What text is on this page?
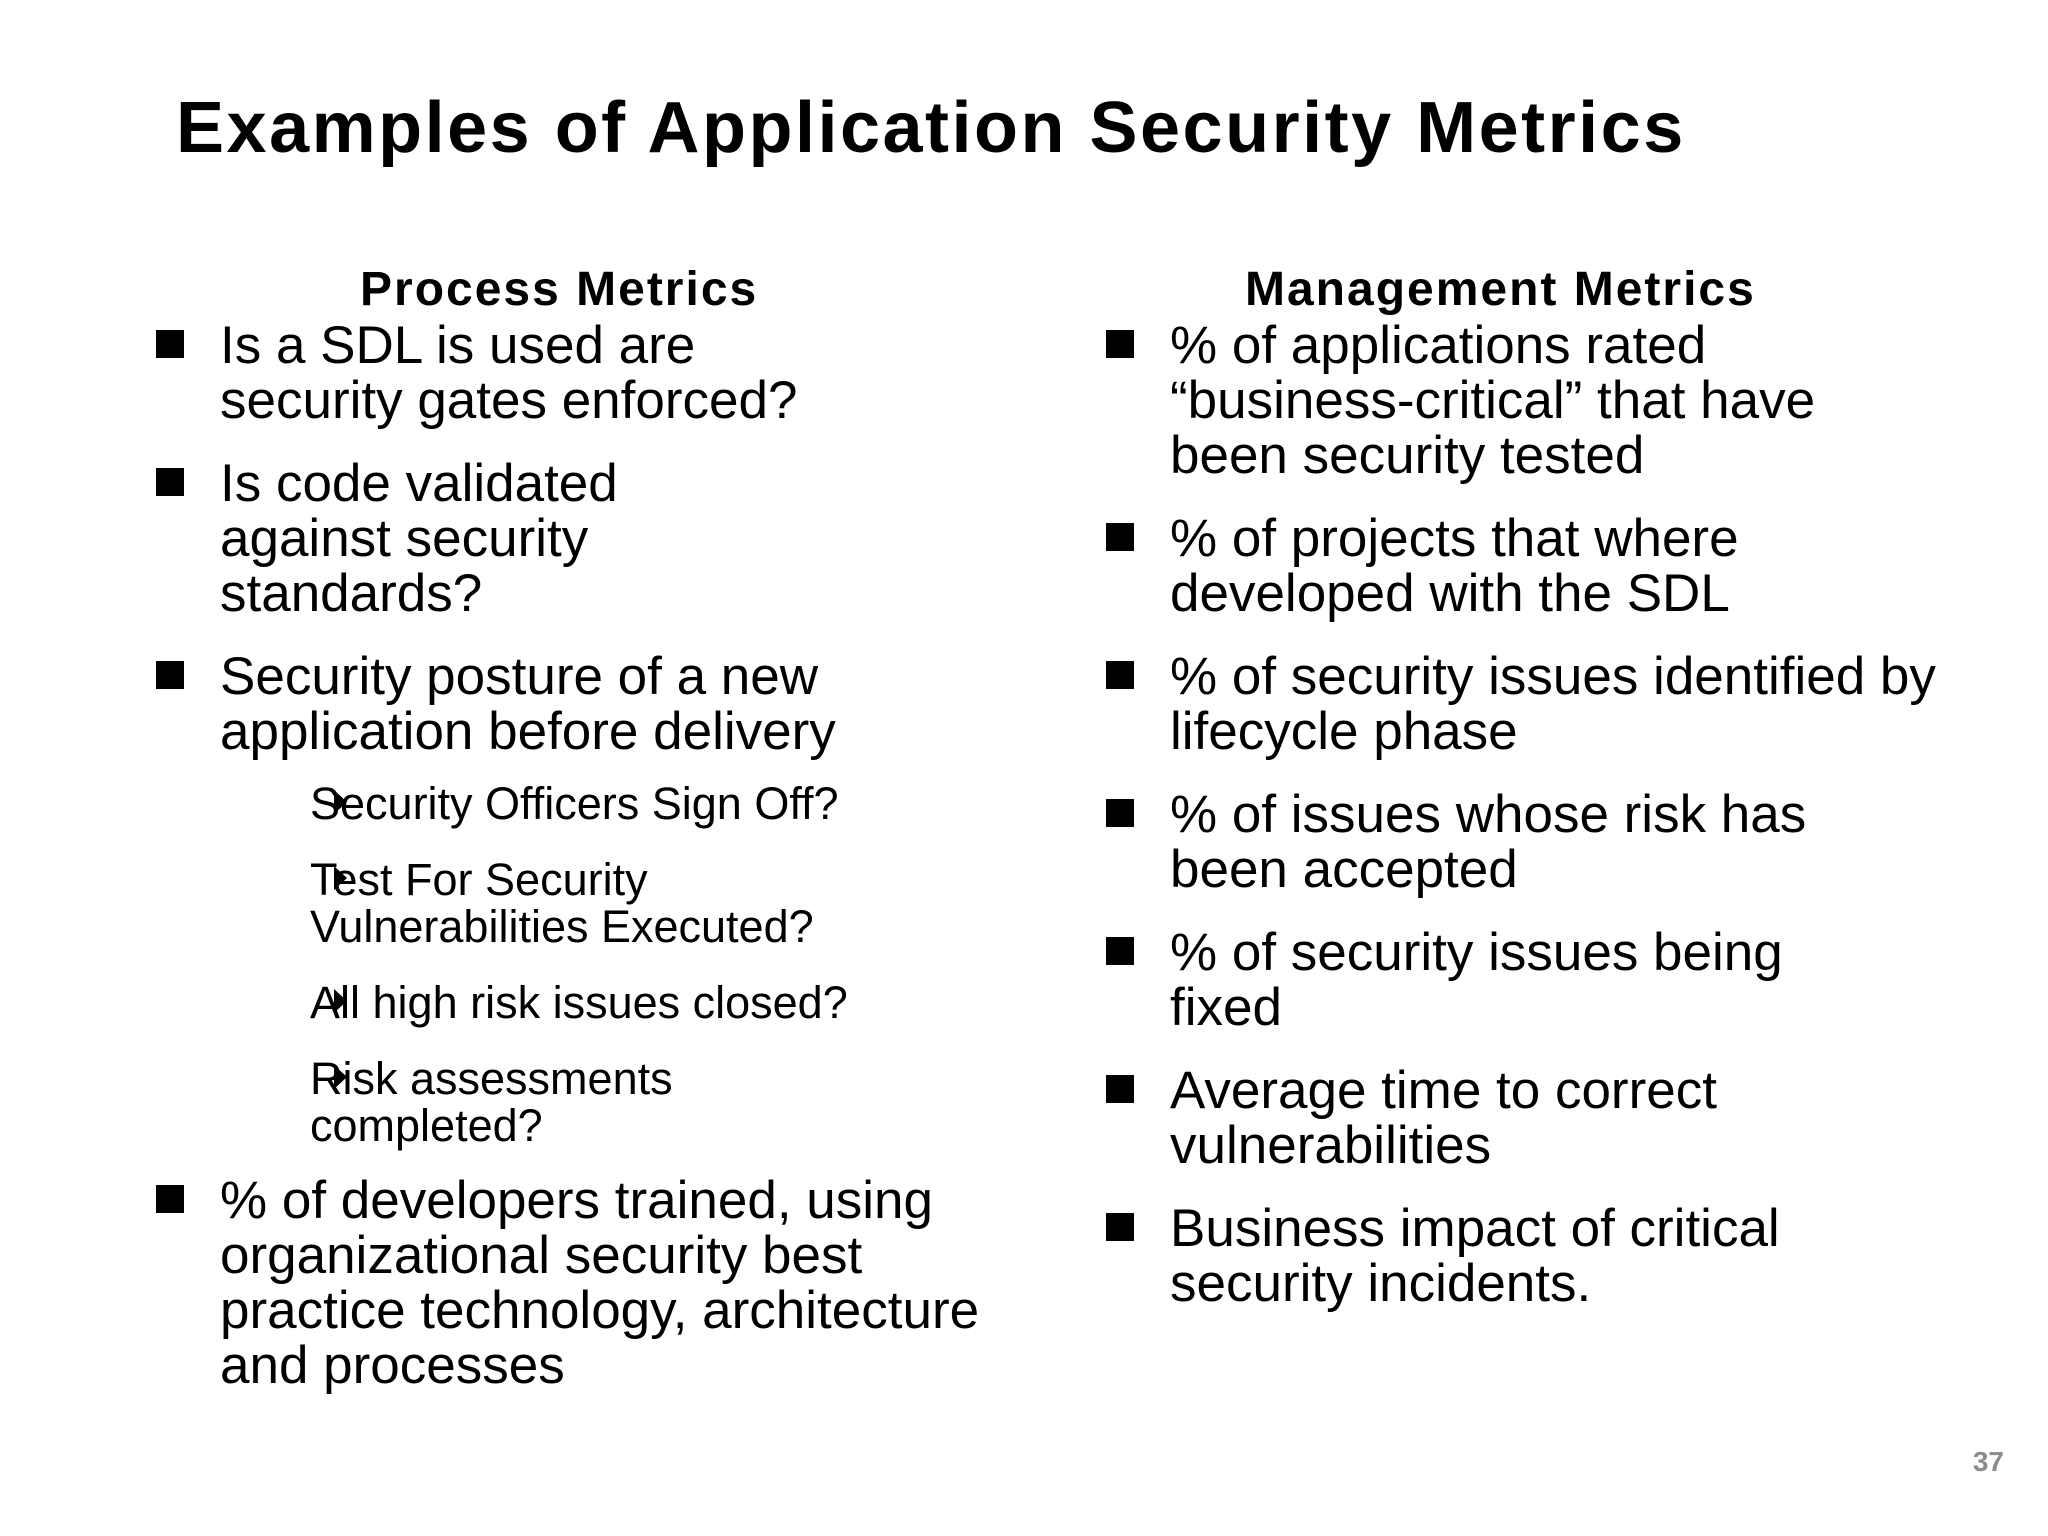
Examples of Application Security Metrics
Process Metrics
Is a SDL is used are security gates enforced?
Is code validated against security standards?
Security posture of a new application before delivery
Security Officers Sign Off?
Test For Security Vulnerabilities Executed?
All high risk issues closed?
Risk assessments completed?
% of developers trained, using organizational security best practice technology, architecture and processes
Management Metrics
% of applications rated “business-critical” that have been security tested
% of projects that where developed with the SDL
% of security issues identified by lifecycle phase
% of issues whose risk has been accepted
% of security issues being fixed
Average time to correct vulnerabilities
Business impact of critical security incidents.
37
